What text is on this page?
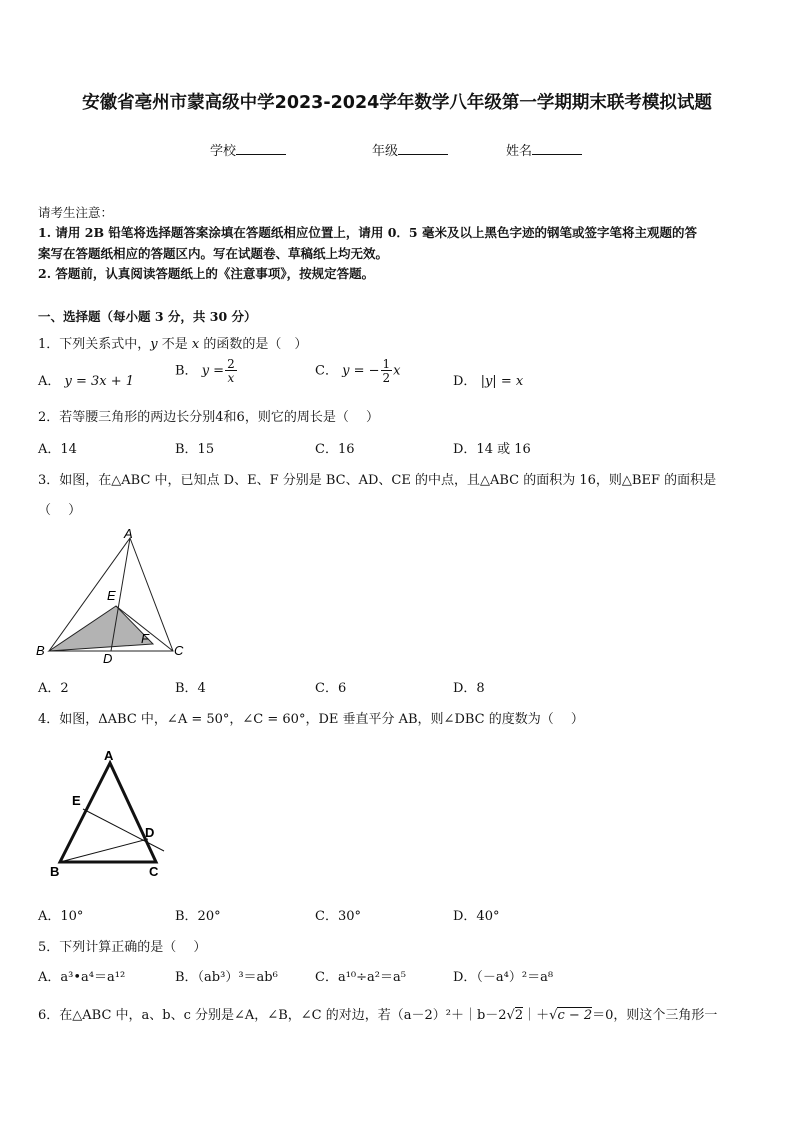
安徽省亳州市蒙高级中学2023-2024学年数学八年级第一学期期末联考模拟试题
学校	年级	姓名
请考生注意：
1. 请用 2B 铅笔将选择题答案涂填在答题纸相应位置上，请用 0．5 毫米及以上黑色字迹的钢笔或签字笔将主观题的答
案写在答题纸相应的答题区内。写在试题卷、草稿纸上均无效。
2. 答题前，认真阅读答题纸上的《注意事项》，按规定答题。
一、选择题（每小题 3 分，共 30 分）
1．下列关系式中，y 不是 x 的函数的是（　）
A． y = 3x + 1
B． $y = \frac{2}{x}$	C． y = − $\frac{1}{2}$ x
D． |y| = x
2．若等腰三角形的两边长分别4和6，则它的周长是（　 ）
A．14	B．15	C．16	D．14 或 16
3．如图，在△ABC 中，已知点 D、E、F 分别是 BC、AD、CE 的中点，且△ABC 的面积为 16，则△BEF 的面积是
（　 ）
A
B	C
D
E
F
A．2	B．4	C．6	D．8
4．如图，ΔABC 中，∠A = 50°，∠C = 60°，DE 垂直平分 AB，则∠DBC 的度数为（　 ）
A
E
D
B	C
A．10°	B．20°	C．30°	D．40°
5．下列计算正确的是（　 ）
A．a³•a⁴＝a¹²	B．（ab³）³＝ab⁶	C．a¹⁰÷a²＝a⁵	D．（－a⁴）²＝a⁸
6．在△ABC 中，a、b、c 分别是∠A，∠B，∠C 的对边，若（a－2）²＋｜b－2√2｜＋√c − 2＝0，则这个三角形一
